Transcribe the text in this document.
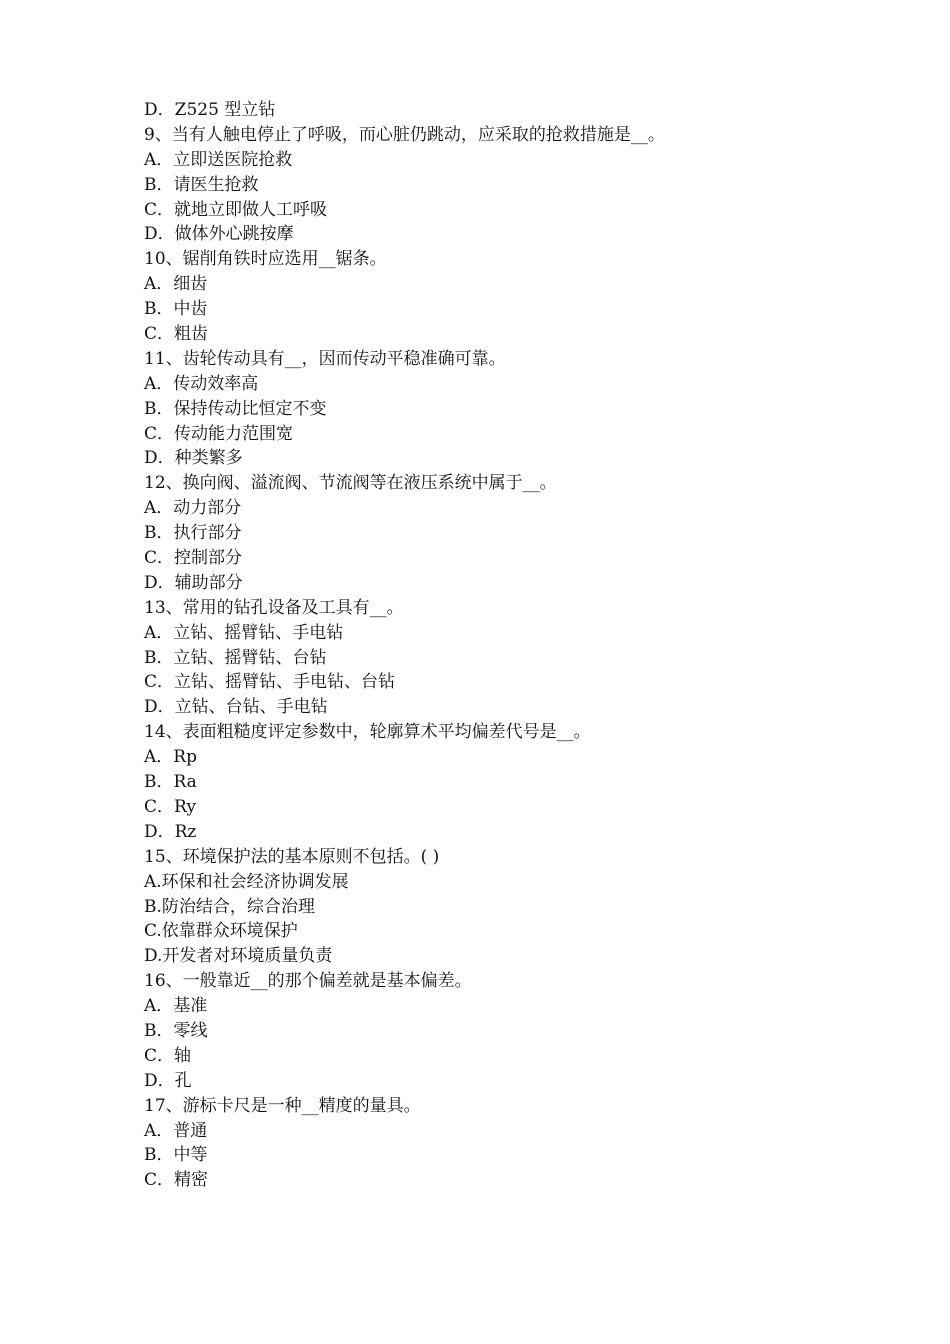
D．Z525 型立钻
9、当有人触电停止了呼吸，而心脏仍跳动，应采取的抢救措施是__。
A．立即送医院抢救
B．请医生抢救
C．就地立即做人工呼吸
D．做体外心跳按摩
10、锯削角铁时应选用__锯条。
A．细齿
B．中齿
C．粗齿
11、齿轮传动具有__，因而传动平稳准确可靠。
A．传动效率高
B．保持传动比恒定不变
C．传动能力范围宽
D．种类繁多
12、换向阀、溢流阀、节流阀等在液压系统中属于__。
A．动力部分
B．执行部分
C．控制部分
D．辅助部分
13、常用的钻孔设备及工具有__。
A．立钻、摇臂钻、手电钻
B．立钻、摇臂钻、台钻
C．立钻、摇臂钻、手电钻、台钻
D．立钻、台钻、手电钻
14、表面粗糙度评定参数中，轮廓算术平均偏差代号是__。
A．Rp
B．Ra
C．Ry
D．Rz
15、环境保护法的基本原则不包括。( )
A.环保和社会经济协调发展
B.防治结合，综合治理
C.依靠群众环境保护
D.开发者对环境质量负责
16、一般靠近__的那个偏差就是基本偏差。
A．基准
B．零线
C．轴
D．孔
17、游标卡尺是一种__精度的量具。
A．普通
B．中等
C．精密
